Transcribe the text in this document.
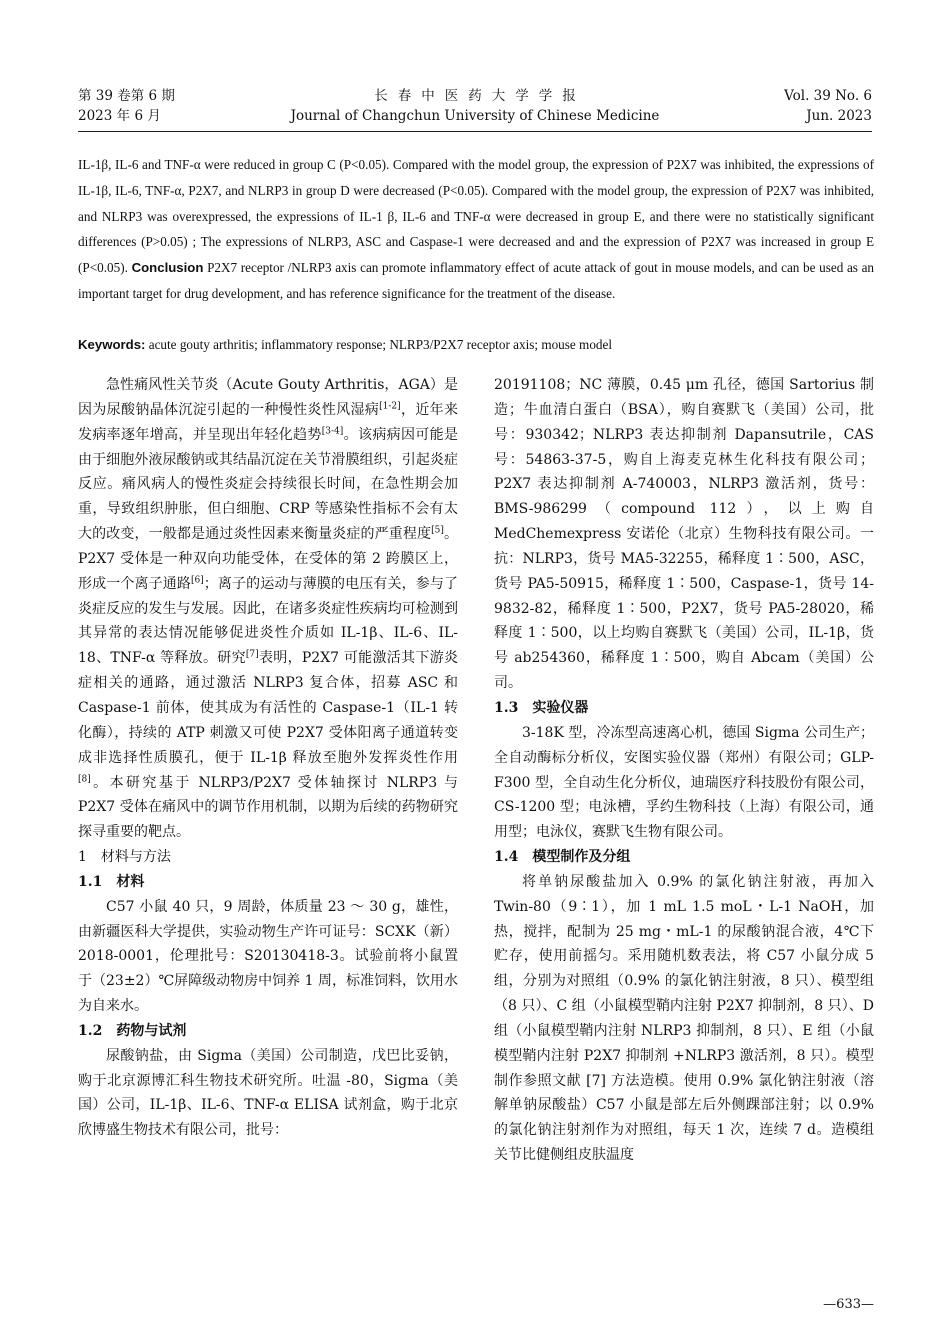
第 39 卷第 6 期
2023 年 6 月
长春中医药大学学报
Journal of Changchun University of Chinese Medicine
Vol. 39 No. 6
Jun. 2023

IL-1β, IL-6 and TNF-α were reduced in group C (P<0.05). Compared with the model group, the expression of P2X7 was inhibited, the expressions of IL-1β, IL-6, TNF-α, P2X7, and NLRP3 in group D were decreased (P<0.05). Compared with the model group, the expression of P2X7 was inhibited, and NLRP3 was overexpressed, the expressions of IL-1 β, IL-6 and TNF-α were decreased in group E, and there were no statistically significant differences (P>0.05) ; The expressions of NLRP3, ASC and Caspase-1 were decreased and and the expression of P2X7 was increased in group E (P<0.05). Conclusion P2X7 receptor /NLRP3 axis can promote inflammatory effect of acute attack of gout in mouse models, and can be used as an important target for drug development, and has reference significance for the treatment of the disease.

Keywords: acute gouty arthritis; inflammatory response; NLRP3/P2X7 receptor axis; mouse model

急性痛风性关节炎（Acute Gouty Arthritis，AGA）是因为尿酸钠晶体沉淀引起的一种慢性炎性风湿病[1-2]，近年来发病率逐年增高，并呈现出年轻化趋势[3-4]。该病病因可能是由于细胞外液尿酸钠或其结晶沉淀在关节滑膜组织，引起炎症反应。痛风病人的慢性炎症会持续很长时间，在急性期会加重，导致组织肿胀，但白细胞、CRP 等感染性指标不会有太大的改变，一般都是通过炎性因素来衡量炎症的严重程度[5]。P2X7 受体是一种双向功能受体，在受体的第 2 跨膜区上，形成一个离子通路[6]；离子的运动与薄膜的电压有关，参与了炎症反应的发生与发展。因此，在诸多炎症性疾病均可检测到其异常的表达情况能够促进炎性介质如 IL-1β、IL-6、IL-18、TNF-α 等释放。研究[7]表明，P2X7 可能激活其下游炎症相关的通路，通过激活 NLRP3 复合体，招募 ASC 和 Caspase-1 前体，使其成为有活性的 Caspase-1（IL-1 转化酶），持续的 ATP 刺激又可使 P2X7 受体阳离子通道转变成非选择性质膜孔，便于 IL-1β 释放至胞外发挥炎性作用[8]。本研究基于 NLRP3/P2X7 受体轴探讨 NLRP3 与 P2X7 受体在痛风中的调节作用机制，以期为后续的药物研究探寻重要的靶点。

1　材料与方法

1.1　材料

C57 小鼠 40 只，9 周龄，体质量 23 ～ 30 g，雄性，由新疆医科大学提供，实验动物生产许可证号：SCXK（新）2018-0001，伦理批号：S20130418-3。试验前将小鼠置于（23±2）℃屏障级动物房中饲养 1 周，标准饲料，饮用水为自来水。

1.2　药物与试剂

尿酸钠盐，由 Sigma（美国）公司制造，戊巴比妥钠，购于北京源博汇科生物技术研究所。吐温 -80，Sigma（美国）公司，IL-1β、IL-6、TNF-α ELISA 试剂盒，购于北京欣博盛生物技术有限公司，批号：

20191108；NC 薄膜，0.45 μm 孔径，德国 Sartorius 制造；牛血清白蛋白（BSA），购自赛默飞（美国）公司，批号：930342；NLRP3 表达抑制剂 Dapansutrile，CAS 号：54863-37-5，购自上海麦克林生化科技有限公司；P2X7 表达抑制剂 A-740003，NLRP3 激活剂，货号：BMS-986299（compound 112），以上购自 MedChemexpress 安诺伦（北京）生物科技有限公司。一抗：NLRP3，货号 MA5-32255，稀释度 1∶500，ASC，货号 PA5-50915，稀释度 1∶500，Caspase-1，货号 14-9832-82，稀释度 1∶500，P2X7，货号 PA5-28020，稀释度 1∶500，以上均购自赛默飞（美国）公司，IL-1β，货号 ab254360，稀释度 1∶500，购自 Abcam（美国）公司。

1.3　实验仪器

3-18K 型，冷冻型高速离心机，德国 Sigma 公司生产；全自动酶标分析仪，安图实验仪器（郑州）有限公司；GLP-F300 型，全自动生化分析仪，迪瑞医疗科技股份有限公司，CS-1200 型；电泳槽，孚约生物科技（上海）有限公司，通用型；电泳仪，赛默飞生物有限公司。

1.4　模型制作及分组

将单钠尿酸盐加入 0.9% 的氯化钠注射液，再加入 Twin-80（9∶1），加 1 mL 1.5 moL・L-1 NaOH，加热，搅拌，配制为 25 mg・mL-1 的尿酸钠混合液，4℃下贮存，使用前摇匀。采用随机数表法，将 C57 小鼠分成 5 组，分别为对照组（0.9% 的氯化钠注射液，8 只）、模型组（8 只）、C 组（小鼠模型鞘内注射 P2X7 抑制剂，8 只）、D 组（小鼠模型鞘内注射 NLRP3 抑制剂，8 只）、E 组（小鼠模型鞘内注射 P2X7 抑制剂 +NLRP3 激活剂，8 只）。模型制作参照文献 [7] 方法造模。使用 0.9% 氯化钠注射液（溶解单钠尿酸盐）C57 小鼠是部左后外侧踝部注射；以 0.9% 的氯化钠注射剂作为对照组，每天 1 次，连续 7 d。造模组关节比健侧组皮肤温度

—633—
